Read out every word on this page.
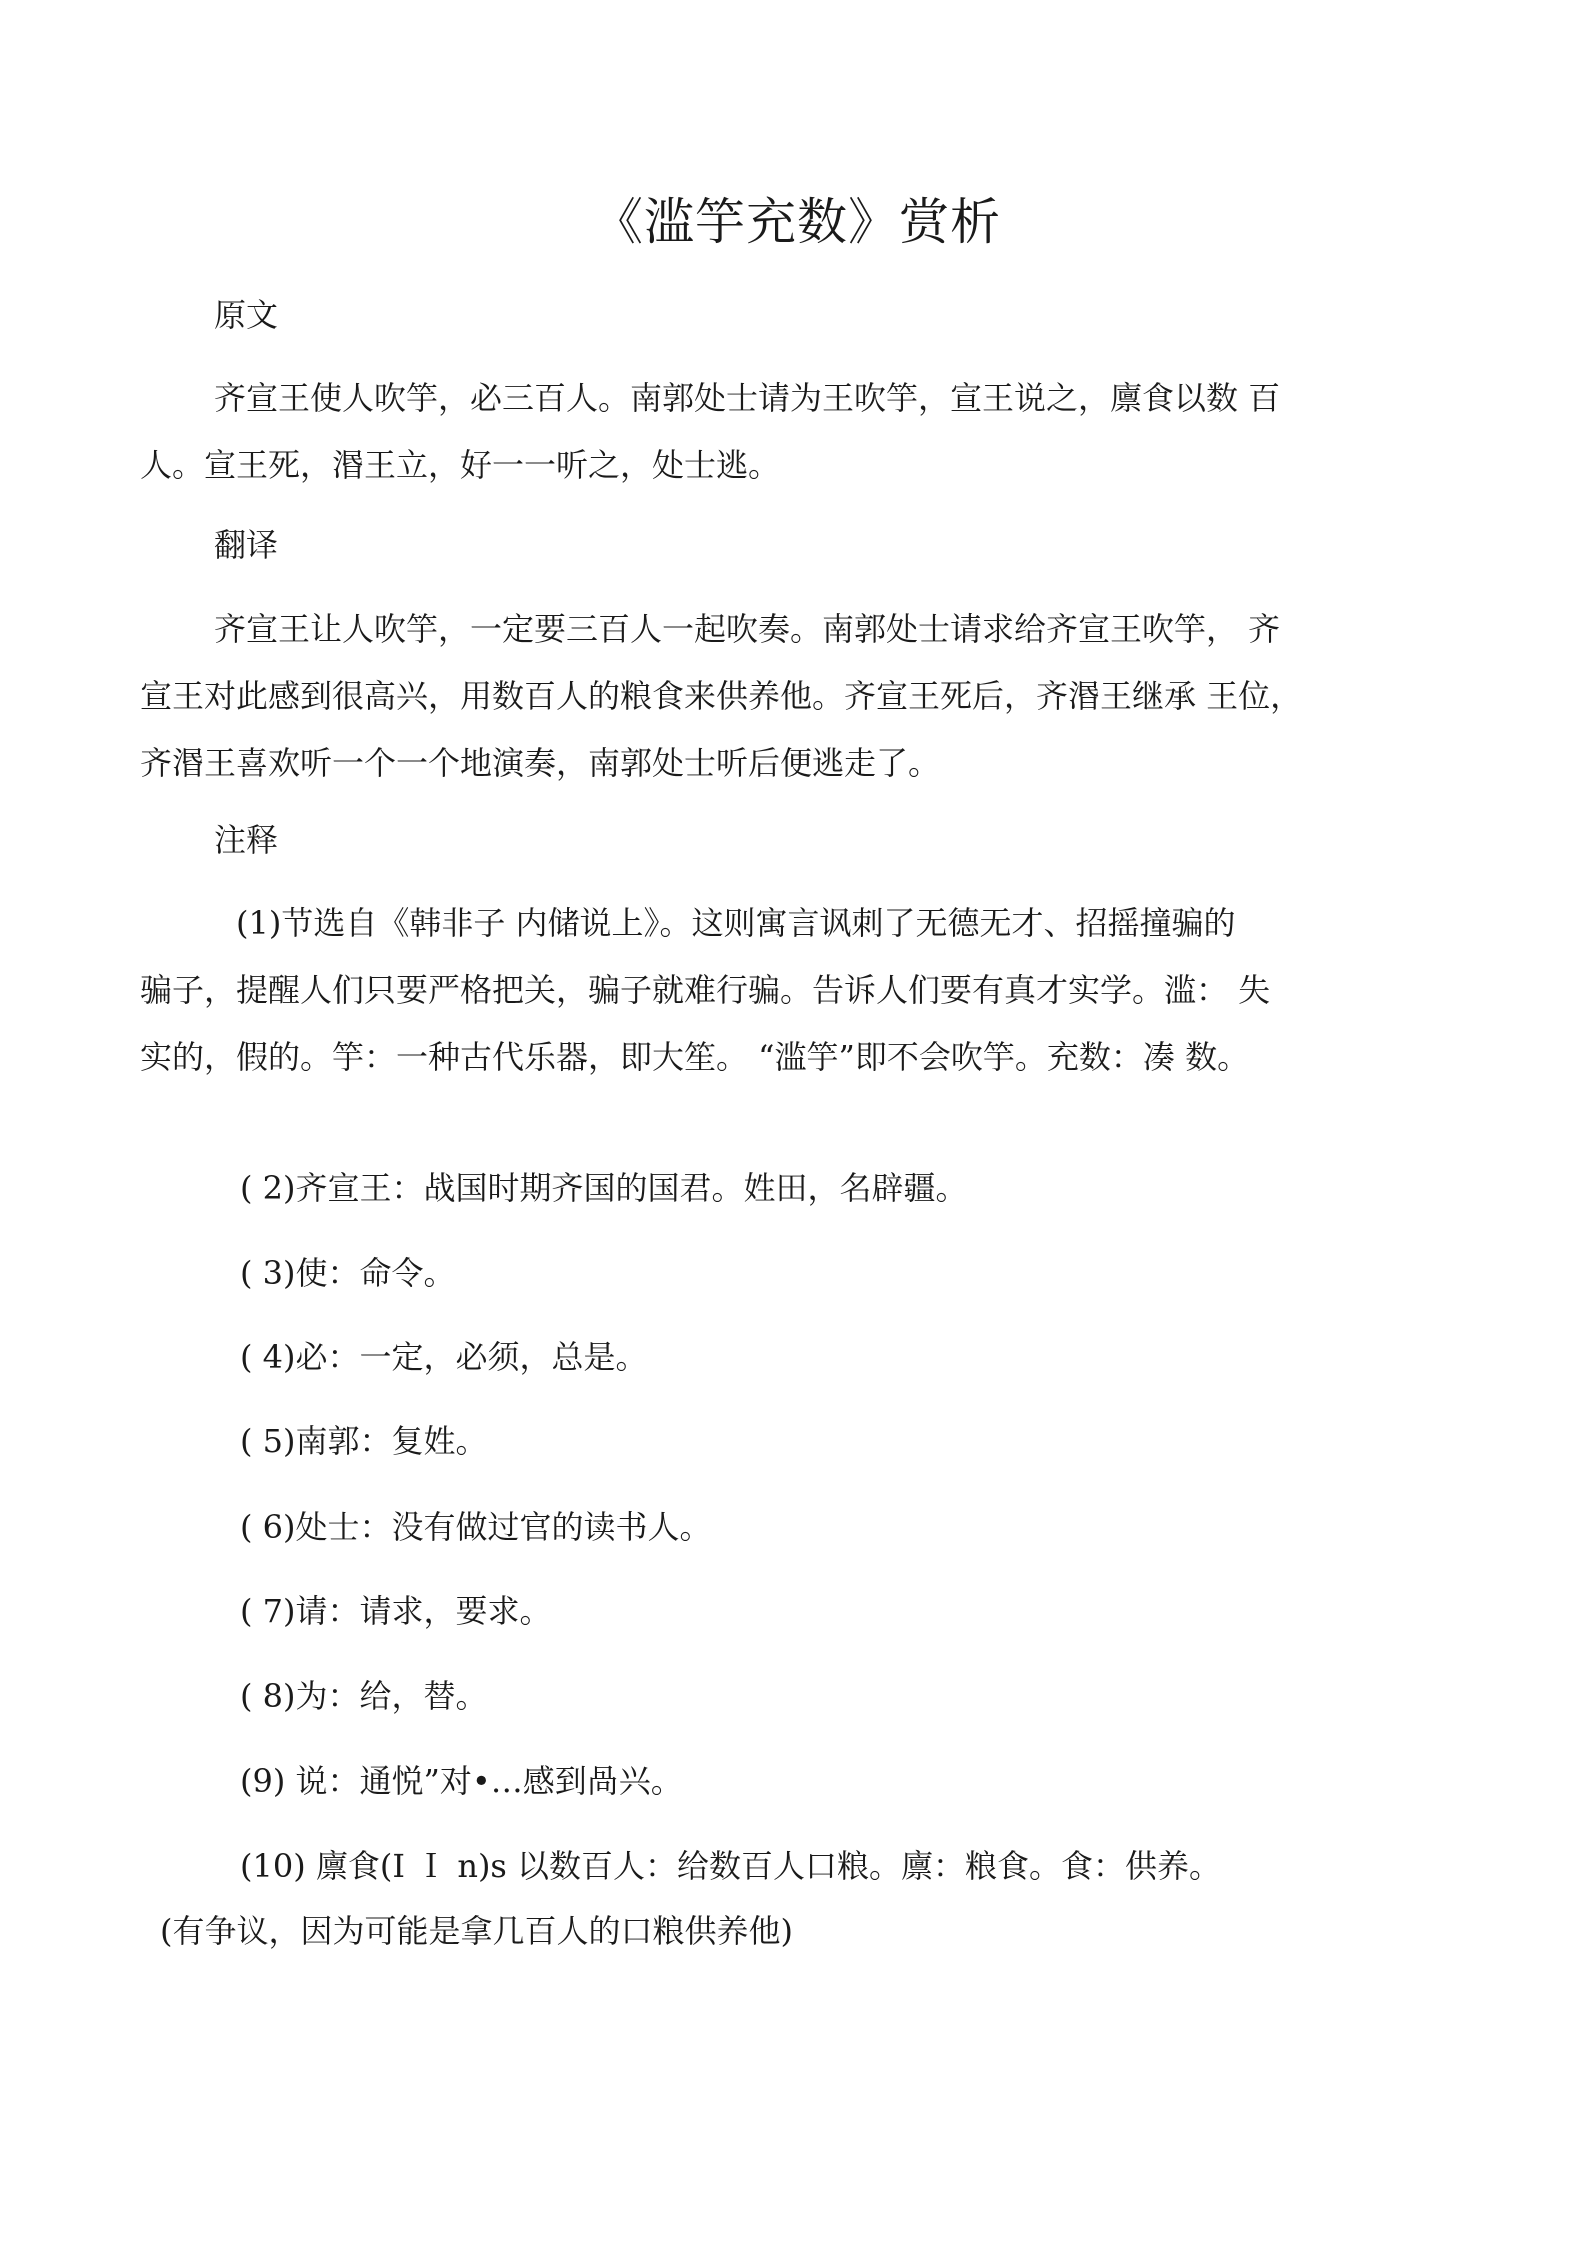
《滥竽充数》赏析
原文
齐宣王使人吹竽，必三百人。南郭处士请为王吹竽，宣王说之，廪食以数 百
人。宣王死，湣王立，好一一听之，处士逃。
翻译
齐宣王让人吹竽，一定要三百人一起吹奏。南郭处士请求给齐宣王吹竽， 齐
宣王对此感到很高兴，用数百人的粮食来供养他。齐宣王死后，齐湣王继承 王位，
齐湣王喜欢听一个一个地演奏，南郭处士听后便逃走了。
注释
(1)节选自《韩非子 内储说上》。这则寓言讽刺了无德无才、招摇撞骗的
骗子，提醒人们只要严格把关，骗子就难行骗。告诉人们要有真才实学。滥： 失
实的，假的。竽：一种古代乐器，即大笙。 “滥竽”即不会吹竽。充数：凑 数。
( 2)齐宣王：战国时期齐国的国君。姓田，名辟疆。
( 3)使：命令。
( 4)必：一定，必须，总是。
( 5)南郭：复姓。
( 6)处士：没有做过官的读书人。
( 7)请：请求，要求。
( 8)为：给，替。
(9) 说：通悦”对•…感到咼兴。
(10) 廪食(I Ｉ n)s 以数百人：给数百人口粮。廪：粮食。食：供养。
(有争议，因为可能是拿几百人的口粮供养他)
